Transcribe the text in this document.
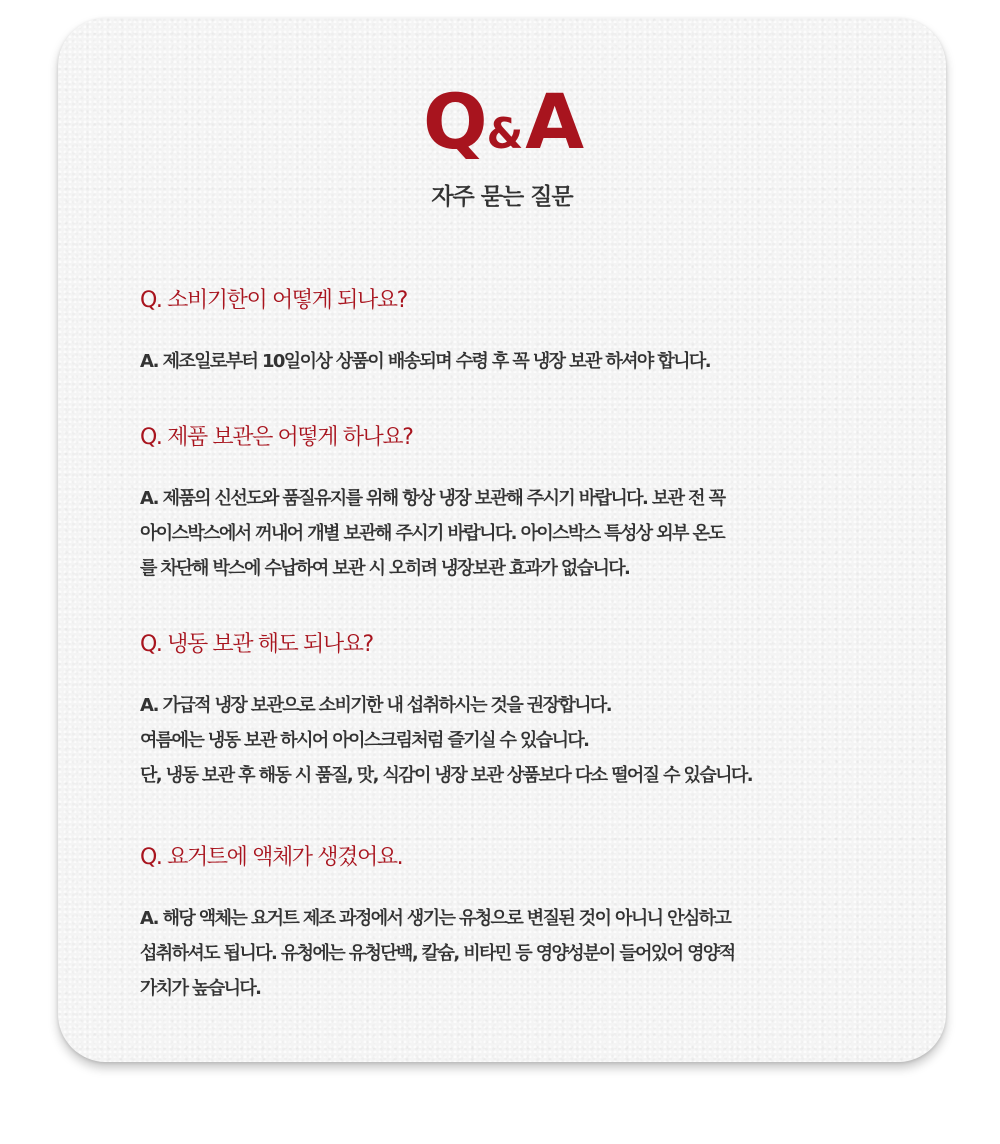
Q&A
자주 묻는 질문

Q. 소비기한이 어떻게 되나요?

A. 제조일로부터 10일이상 상품이 배송되며 수령 후 꼭 냉장 보관 하셔야 합니다.

Q. 제품 보관은 어떻게 하나요?

A. 제품의 신선도와 품질유지를 위해 항상 냉장 보관해 주시기 바랍니다. 보관 전 꼭
아이스박스에서 꺼내어 개별 보관해 주시기 바랍니다. 아이스박스 특성상 외부 온도
를 차단해 박스에 수납하여 보관 시 오히려 냉장보관 효과가 없습니다.

Q. 냉동 보관 해도 되나요?

A. 가급적 냉장 보관으로 소비기한 내 섭취하시는 것을 권장합니다.
여름에는 냉동 보관 하시어 아이스크림처럼 즐기실 수 있습니다.
단, 냉동 보관 후 해동 시 품질, 맛, 식감이 냉장 보관 상품보다 다소 떨어질 수 있습니다.

Q. 요거트에 액체가 생겼어요.

A. 해당 액체는 요거트 제조 과정에서 생기는 유청으로 변질된 것이 아니니 안심하고
섭취하셔도 됩니다. 유청에는 유청단백, 칼슘, 비타민 등 영양성분이 들어있어 영양적
가치가 높습니다.
